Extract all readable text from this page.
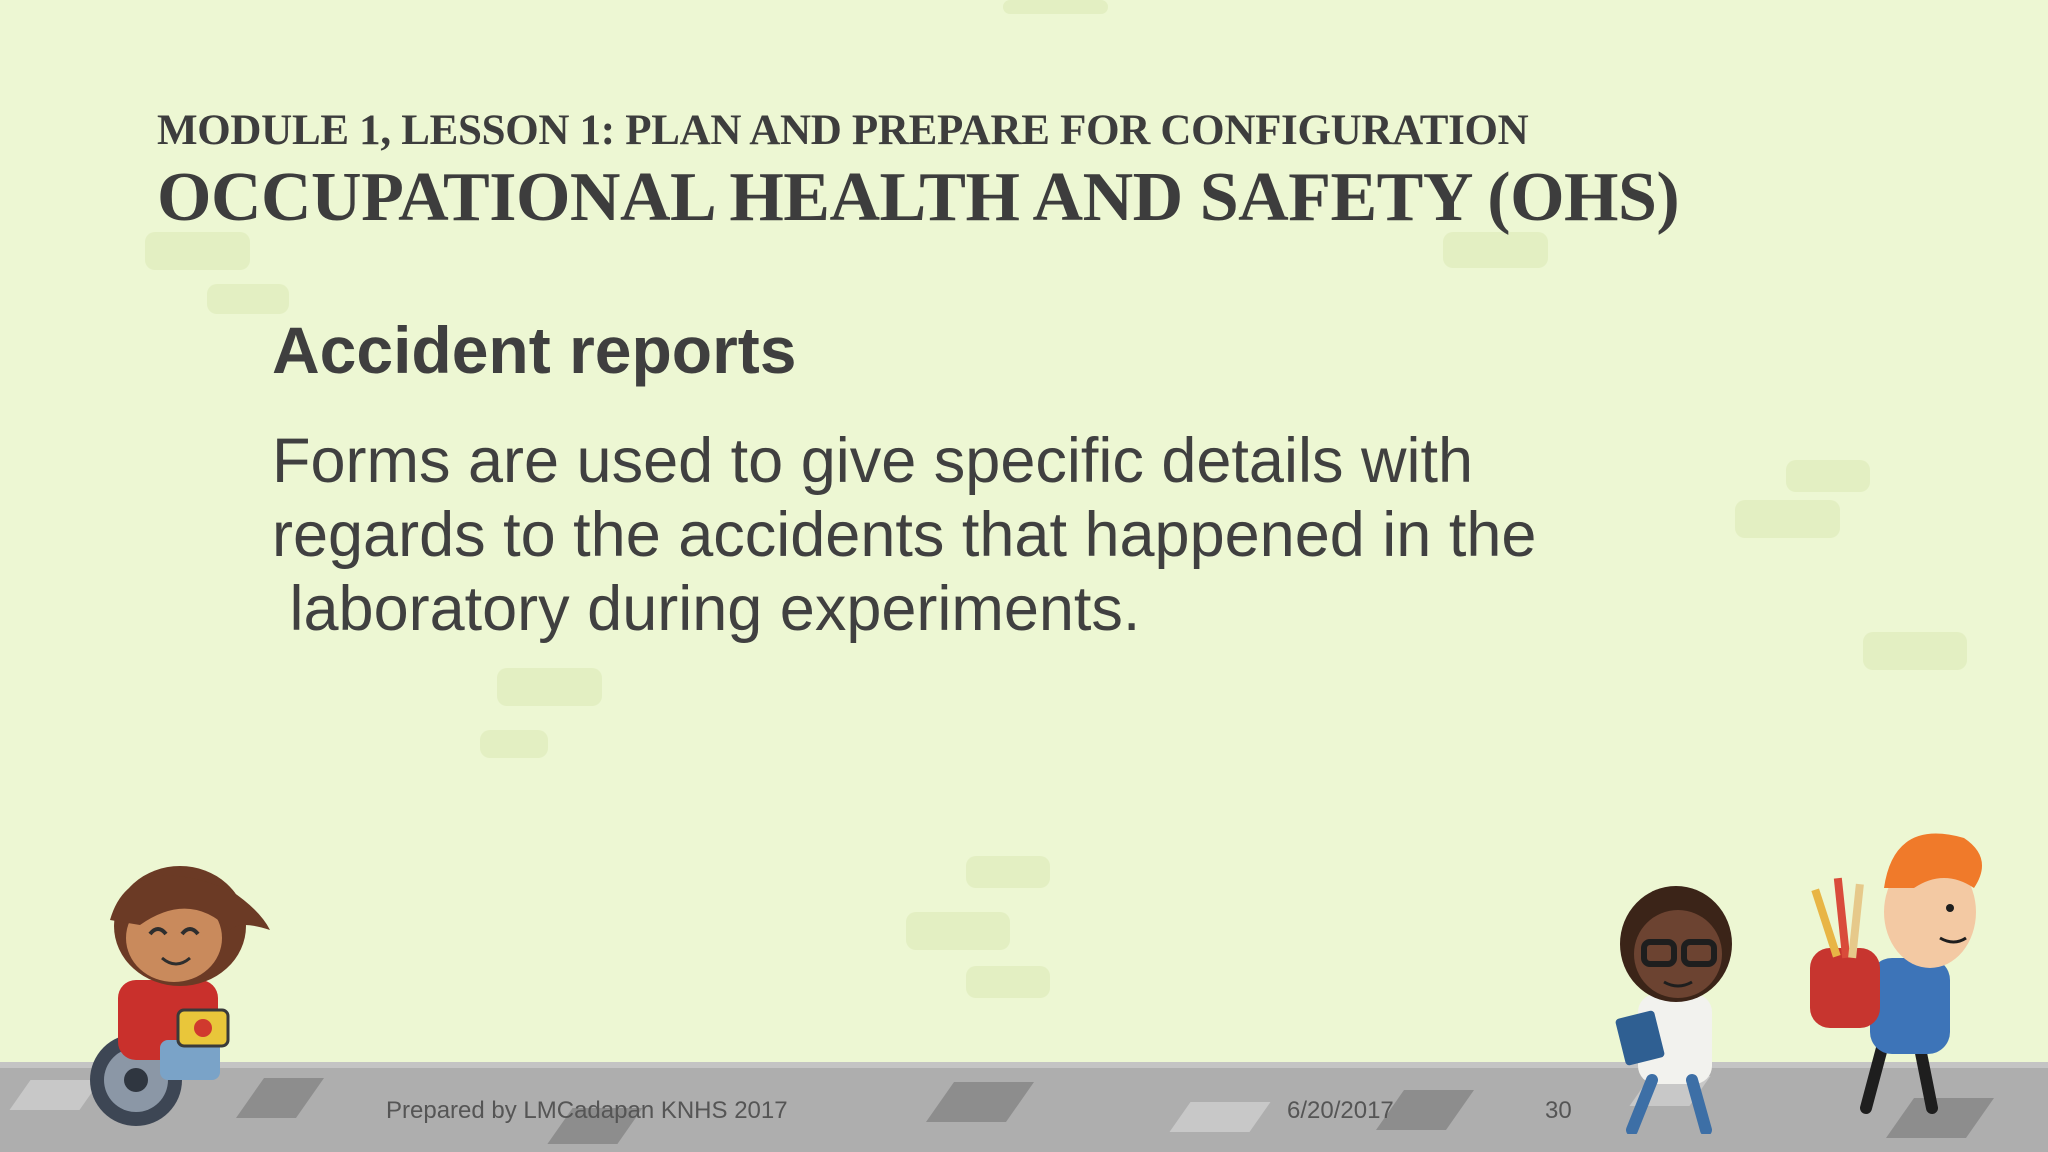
MODULE 1, LESSON 1: PLAN AND PREPARE FOR CONFIGURATION
OCCUPATIONAL HEALTH AND SAFETY (OHS)
Accident reports
Forms are used to give specific details with
regards to the accidents that happened in the
laboratory during experiments.
Prepared by LMCadapan KNHS 2017	6/20/2017	30
